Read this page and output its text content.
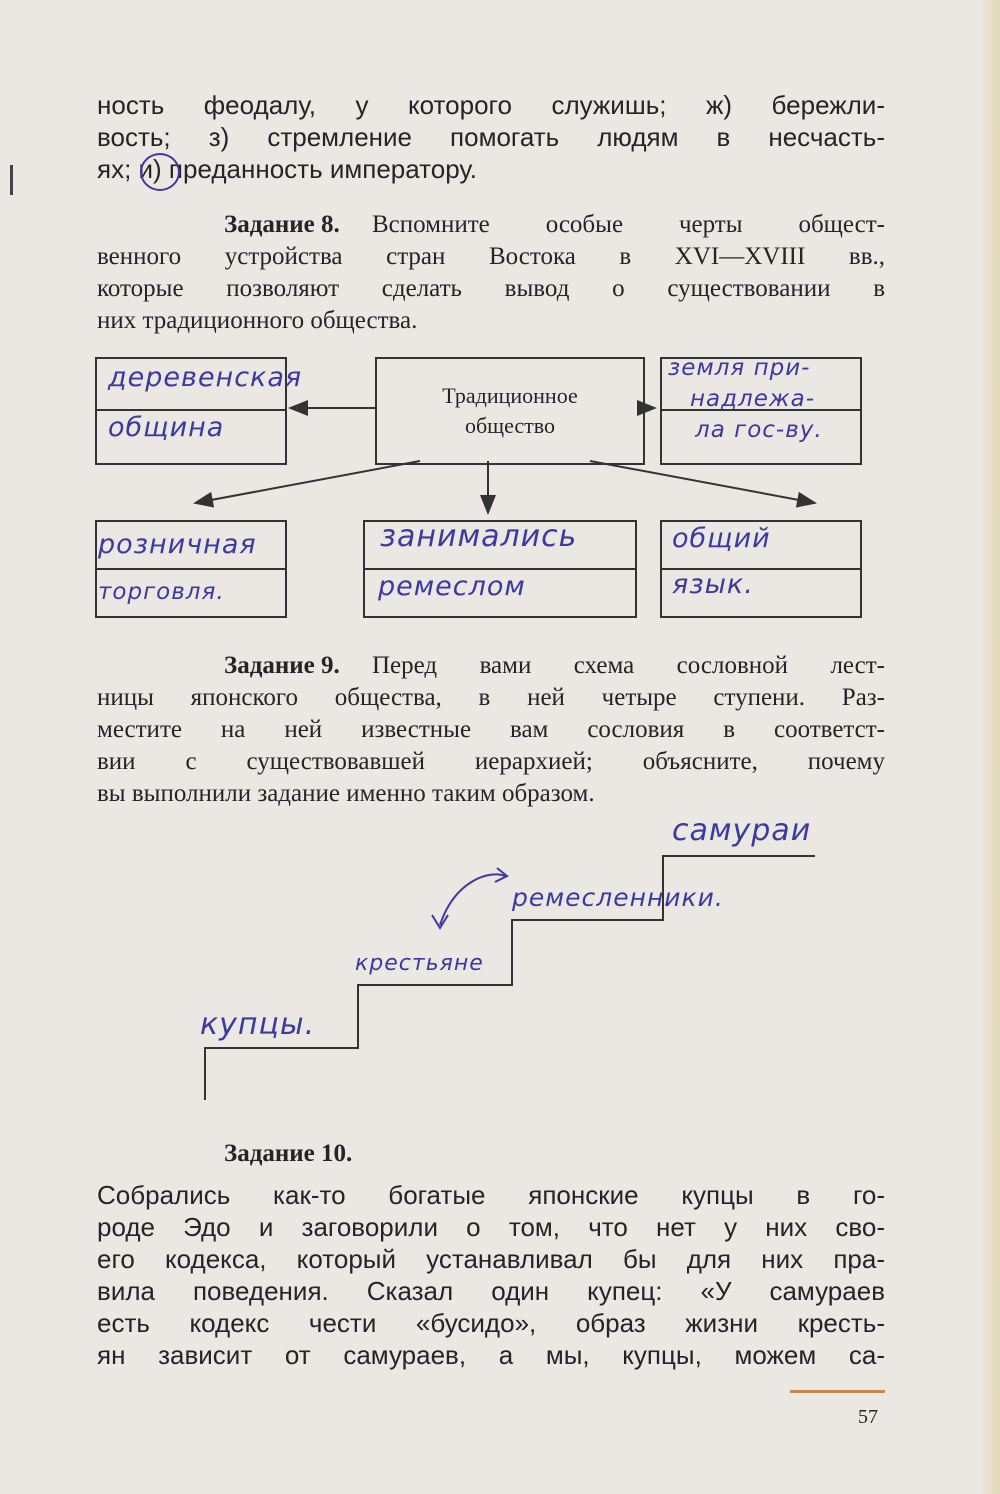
ность феодалу, у которого служишь; ж) бережли-
вость; з) стремление помогать людям в несчасть-
ях; и) преданность императору.
Задание 8. Вспомните особые черты общест-
венного устройства стран Востока в XVI—XVIII вв.,
которые позволяют сделать вывод о существовании в
них традиционного общества.
Традиционное
общество
деревенская
община
земля при-
надлежа-
ла гос-ву.
розничная
торговля.
занимались
ремеслом
общий
язык.
Задание 9. Перед вами схема сословной лест-
ницы японского общества, в ней четыре ступени. Раз-
местите на ней известные вам сословия в соответст-
вии с существовавшей иерархией; объясните, почему
вы выполнили задание именно таким образом.
купцы.
крестьяне
ремесленники.
самураи
Задание 10.
Собрались как-то богатые японские купцы в го-
роде Эдо и заговорили о том, что нет у них сво-
его кодекса, который устанавливал бы для них пра-
вила поведения. Сказал один купец: «У самураев
есть кодекс чести «бусидо», образ жизни кресть-
ян зависит от самураев, а мы, купцы, можем са-
57
